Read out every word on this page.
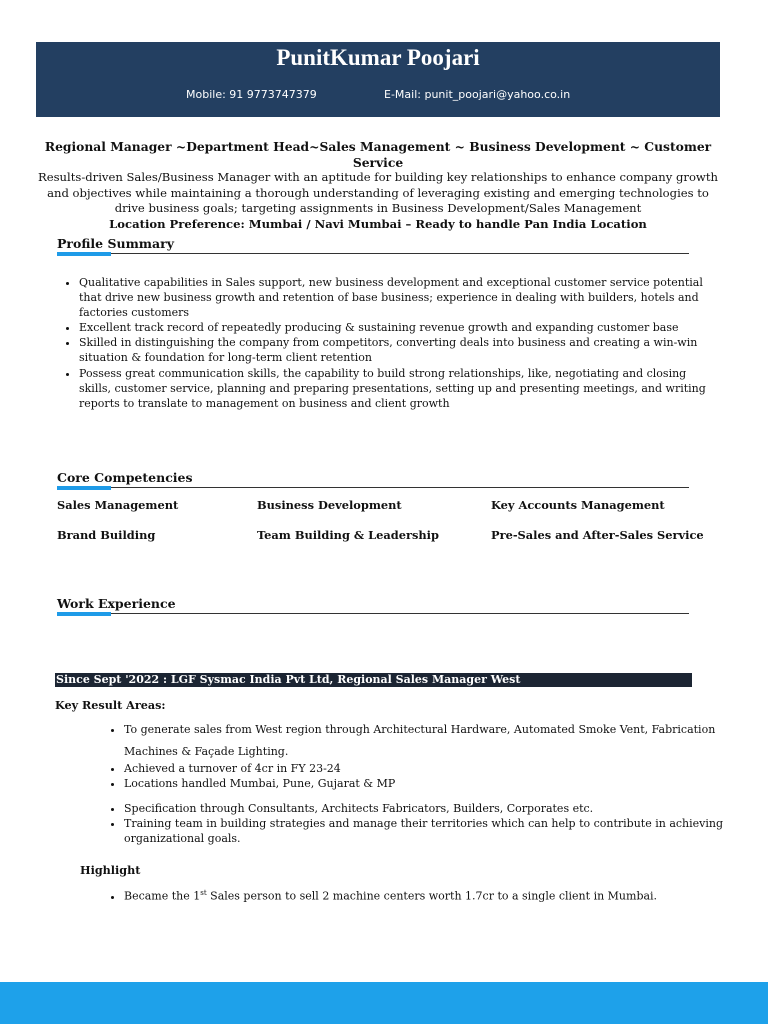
PunitKumar Poojari
Mobile: 91 9773747379	E-Mail: punit_poojari@yahoo.co.in
Regional Manager ~Department Head~Sales Management ~ Business Development ~ Customer Service
Results-driven Sales/Business Manager with an aptitude for building key relationships to enhance company growth and objectives while maintaining a thorough understanding of leveraging existing and emerging technologies to drive business goals; targeting assignments in Business Development/Sales Management
Location Preference: Mumbai / Navi Mumbai – Ready to handle Pan India Location
Profile Summary
• Qualitative capabilities in Sales support, new business development and exceptional customer service potential that drive new business growth and retention of base business; experience in dealing with builders, hotels and factories customers
• Excellent track record of repeatedly producing & sustaining revenue growth and expanding customer base
• Skilled in distinguishing the company from competitors, converting deals into business and creating a win-win situation & foundation for long-term client retention
• Possess great communication skills, the capability to build strong relationships, like, negotiating and closing skills, customer service, planning and preparing presentations, setting up and presenting meetings, and writing reports to translate to management on business and client growth
Core Competencies
Sales Management	Business Development	Key Accounts Management
Brand Building	Team Building & Leadership	Pre-Sales and After-Sales Service
Work Experience
Since Sept '2022 : LGF Sysmac India Pvt Ltd, Regional Sales Manager West
Key Result Areas:
• To generate sales from West region through Architectural Hardware, Automated Smoke Vent, Fabrication
Machines & Façade Lighting.
• Achieved a turnover of 4cr in FY 23-24
• Locations handled Mumbai, Pune, Gujarat & MP
• Specification through Consultants, Architects Fabricators, Builders, Corporates etc.
• Training team in building strategies and manage their territories which can help to contribute in achieving organizational goals.
Highlight
• Became the 1st Sales person to sell 2 machine centers worth 1.7cr to a single client in Mumbai.
